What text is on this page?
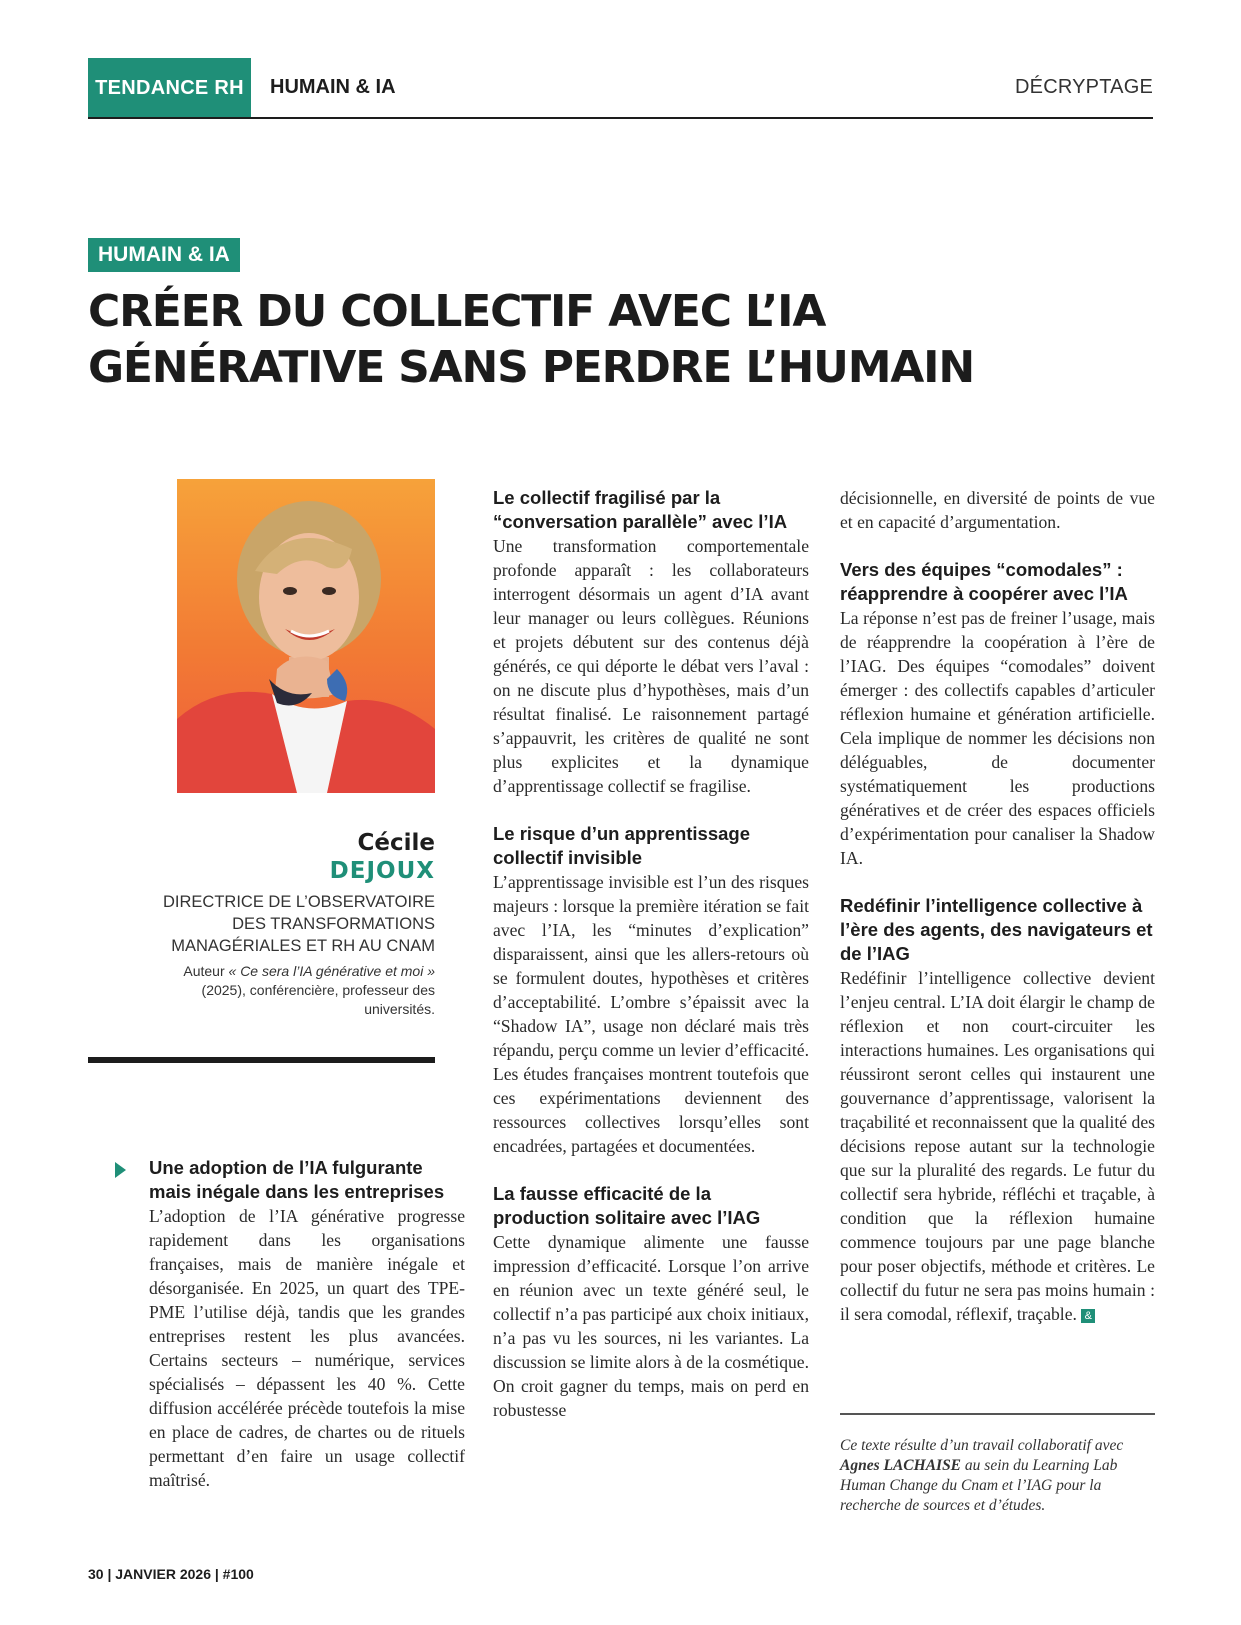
TENDANCE RH	HUMAIN & IA	DÉCRYPTAGE
HUMAIN & IA
CRÉER DU COLLECTIF AVEC L’IA
GÉNÉRATIVE SANS PERDRE L’HUMAIN
Cécile
DEJOUX
DIRECTRICE DE L’OBSERVATOIRE DES TRANSFORMATIONS MANAGÉRIALES ET RH AU CNAM
Auteur « Ce sera l’IA générative et moi » (2025), conférencière, professeur des universités.
Une adoption de l’IA fulgurante mais inégale dans les entreprises

L’adoption de l’IA générative progresse rapidement dans les organisations françaises, mais de manière inégale et désorganisée. En 2025, un quart des TPE-PME l’utilise déjà, tandis que les grandes entreprises restent les plus avancées. Certains secteurs – numérique, services spécialisés – dépassent les 40 %. Cette diffusion accélérée précède toutefois la mise en place de cadres, de chartes ou de rituels permettant d’en faire un usage collectif maîtrisé.

Le collectif fragilisé par la “conversation parallèle” avec l’IA

Une transformation comportementale profonde apparaît : les collaborateurs interrogent désormais un agent d’IA avant leur manager ou leurs collègues. Réunions et projets débutent sur des contenus déjà générés, ce qui déporte le débat vers l’aval : on ne discute plus d’hypothèses, mais d’un résultat finalisé. Le raisonnement partagé s’appauvrit, les critères de qualité ne sont plus explicites et la dynamique d’apprentissage collectif se fragilise.

Le risque d’un apprentissage collectif invisible

L’apprentissage invisible est l’un des risques majeurs : lorsque la première itération se fait avec l’IA, les “minutes d’explication” disparaissent, ainsi que les allers-retours où se formulent doutes, hypothèses et critères d’acceptabilité. L’ombre s’épaissit avec la “Shadow IA”, usage non déclaré mais très répandu, perçu comme un levier d’efficacité. Les études françaises montrent toutefois que ces expérimentations deviennent des ressources collectives lorsqu’elles sont encadrées, partagées et documentées.

La fausse efficacité de la production solitaire avec l’IAG

Cette dynamique alimente une fausse impression d’efficacité. Lorsque l’on arrive en réunion avec un texte généré seul, le collectif n’a pas participé aux choix initiaux, n’a pas vu les sources, ni les variantes. La discussion se limite alors à de la cosmétique. On croit gagner du temps, mais on perd en robustesse

décisionnelle, en diversité de points de vue et en capacité d’argumentation.

Vers des équipes “comodales” : réapprendre à coopérer avec l’IA

La réponse n’est pas de freiner l’usage, mais de réapprendre la coopération à l’ère de l’IAG. Des équipes “comodales” doivent émerger : des collectifs capables d’articuler réflexion humaine et génération artificielle. Cela implique de nommer les décisions non déléguables, de documenter systématiquement les productions génératives et de créer des espaces officiels d’expérimentation pour canaliser la Shadow IA.

Redéfinir l’intelligence collective à l’ère des agents, des navigateurs et de l’IAG

Redéfinir l’intelligence collective devient l’enjeu central. L’IA doit élargir le champ de réflexion et non court-circuiter les interactions humaines. Les organisations qui réussiront seront celles qui instaurent une gouvernance d’apprentissage, valorisent la traçabilité et reconnaissent que la qualité des décisions repose autant sur la technologie que sur la pluralité des regards. Le futur du collectif sera hybride, réfléchi et traçable, à condition que la réflexion humaine commence toujours par une page blanche pour poser objectifs, méthode et critères. Le collectif du futur ne sera pas moins humain : il sera comodal, réflexif, traçable. &

Ce texte résulte d’un travail collaboratif avec Agnes LACHAISE au sein du Learning Lab Human Change du Cnam et l’IAG pour la recherche de sources et d’études.
30 | JANVIER 2026 | #100
